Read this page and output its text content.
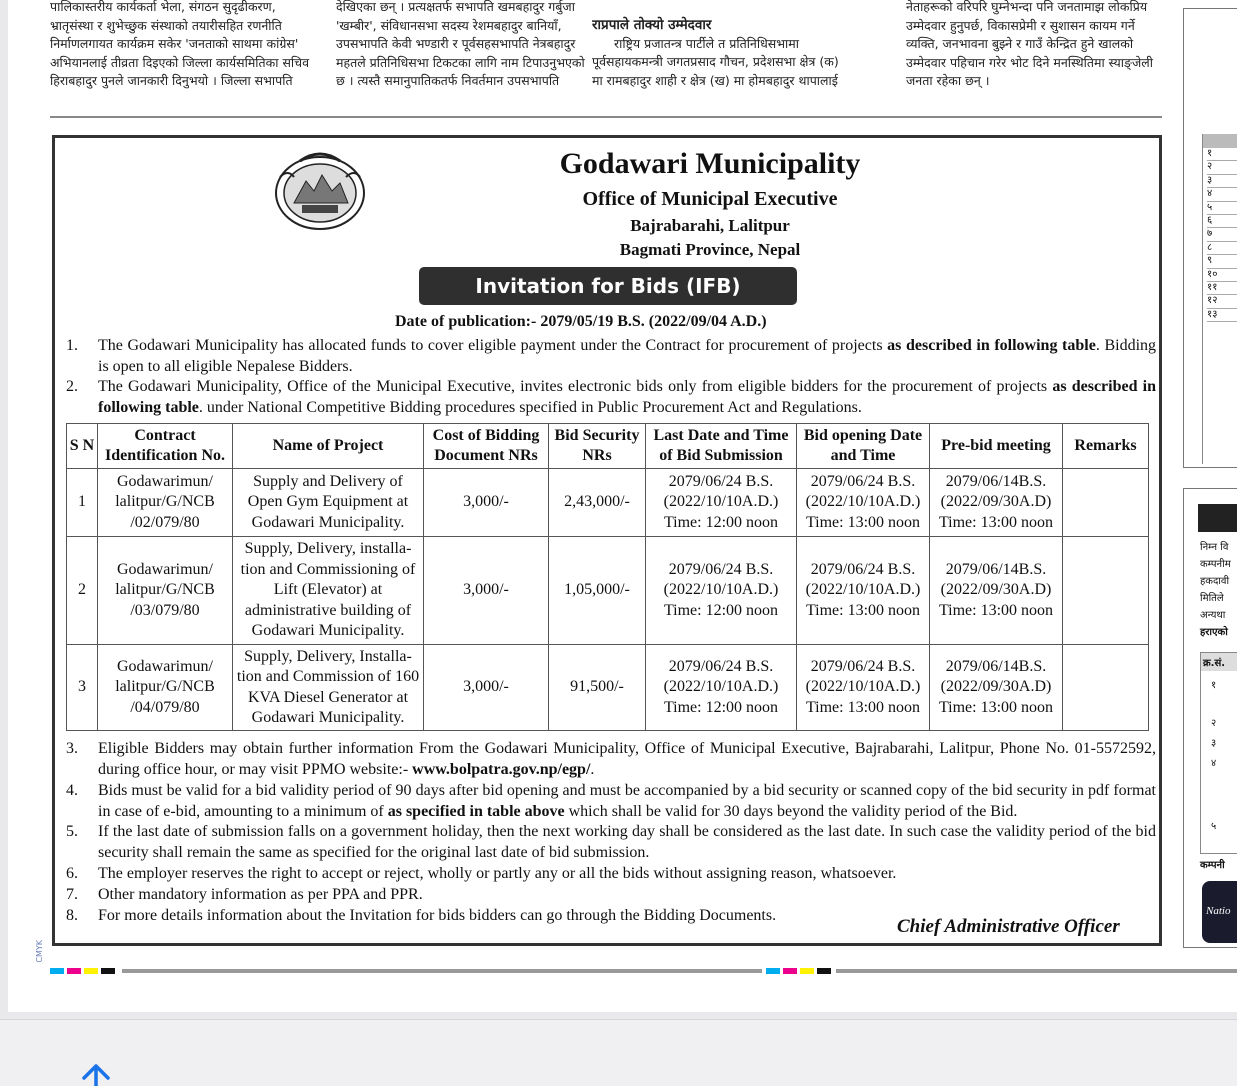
पालिकास्तरीय कार्यकर्ता भेला, संगठन सुदृढीकरण,

भ्रातृसंस्था र शुभेच्छुक संस्थाको तयारीसहित रणनीति

निर्माणलगायत कार्यक्रम सकेर 'जनताको साथमा कांग्रेस'

अभियानलाई तीव्रता दिइएको जिल्ला कार्यसमितिका सचिव

हिराबहादुर पुनले जानकारी दिनुभयो । जिल्ला सभापति

देखिएका छन् । प्रत्यक्षतर्फ सभापति खमबहादुर गर्बुजा

'खम्बीर', संविधानसभा सदस्य रेशमबहादुर बानियाँ,

उपसभापति केवी भण्डारी र पूर्वसहसभापति नेत्रबहादुर

महतले प्रतिनिधिसभा टिकटका लागि नाम टिपाउनुभएको

छ । त्यस्तै समानुपातिकतर्फ निवर्तमान उपसभापति

राप्रपाले तोक्यो उम्मेदवार

राष्ट्रिय प्रजातन्त्र पार्टीले त प्रतिनिधिसभामा

पूर्वसहायकमन्त्री जगतप्रसाद गौचन, प्रदेशसभा क्षेत्र (क)

मा रामबहादुर शाही र क्षेत्र (ख) मा होमबहादुर थापालाई

नेताहरूको वरिपरि घुम्नेभन्दा पनि जनतामाझ लोकप्रिय

उम्मेदवार हुनुपर्छ, विकासप्रेमी र सुशासन कायम गर्ने

व्यक्ति, जनभावना बुझ्ने र गाउँ केन्द्रित हुने खालको

उम्मेदवार पहिचान गरेर भोट दिने मनस्थितिमा स्याङ्जेली

जनता रहेका छन् ।

१
२
३
४
५
६
७
८
९
१०
११
१२
१३
निम्न वि
कम्पनीम
हकदावी
मितिले
अन्यथा
हराएको
क्र.सं.
१
२
३
४
५
कम्पनी
Natio
Godawari Municipality
Office of Municipal Executive
Bajrabarahi, Lalitpur
Bagmati Province, Nepal
Invitation for Bids (IFB)
Date of publication:- 2079/05/19 B.S. (2022/09/04 A.D.)
1. The Godawari Municipality has allocated funds to cover eligible payment under the Contract for procurement of projects as described in following table. Bidding is open to all eligible Nepalese Bidders.
2. The Godawari Municipality, Office of the Municipal Executive, invites electronic bids only from eligible bidders for the procurement of projects as described in following table. under National Competitive Bidding procedures specified in Public Procurement Act and Regulations.
S N	Contract Identification No.	Name of Project	Cost of Bidding Document NRs	Bid Security NRs	Last Date and Time of Bid Submission	Bid opening Date and Time	Pre-bid meeting	Remarks
1	Godawarimun/ lalitpur/G/NCB /02/079/80	Supply and Delivery of Open Gym Equipment at Godawari Municipality.	3,000/-	2,43,000/-	2079/06/24 B.S. (2022/10/10A.D.) Time: 12:00 noon	2079/06/24 B.S. (2022/10/10A.D.) Time: 13:00 noon	2079/06/14B.S. (2022/09/30A.D) Time: 13:00 noon	
2	Godawarimun/ lalitpur/G/NCB /03/079/80	Supply, Delivery, installa- tion and Commissioning of Lift (Elevator) at administrative building of Godawari Municipality.	3,000/-	1,05,000/-	2079/06/24 B.S. (2022/10/10A.D.) Time: 12:00 noon	2079/06/24 B.S. (2022/10/10A.D.) Time: 13:00 noon	2079/06/14B.S. (2022/09/30A.D) Time: 13:00 noon	
3	Godawarimun/ lalitpur/G/NCB /04/079/80	Supply, Delivery, Installa- tion and Commission of 160 KVA Diesel Generator at Godawari Municipality.	3,000/-	91,500/-	2079/06/24 B.S. (2022/10/10A.D.) Time: 12:00 noon	2079/06/24 B.S. (2022/10/10A.D.) Time: 13:00 noon	2079/06/14B.S. (2022/09/30A.D) Time: 13:00 noon	
3. Eligible Bidders may obtain further information From the Godawari Municipality, Office of Municipal Executive, Bajrabarahi, Lalitpur, Phone No. 01-5572592, during office hour, or may visit PPMO website:- www.bolpatra.gov.np/egp/.
4. Bids must be valid for a bid validity period of 90 days after bid opening and must be accompanied by a bid security or scanned copy of the bid security in pdf format in case of e-bid, amounting to a minimum of as specified in table above which shall be valid for 30 days beyond the validity period of the Bid.
5. If the last date of submission falls on a government holiday, then the next working day shall be considered as the last date. In such case the validity period of the bid security shall remain the same as specified for the original last date of bid submission.
6. The employer reserves the right to accept or reject, wholly or partly any or all the bids without assigning reason, whatsoever.
7. Other mandatory information as per PPA and PPR.
8. For more details information about the Invitation for bids bidders can go through the Bidding Documents.
Chief Administrative Officer
CMYK
